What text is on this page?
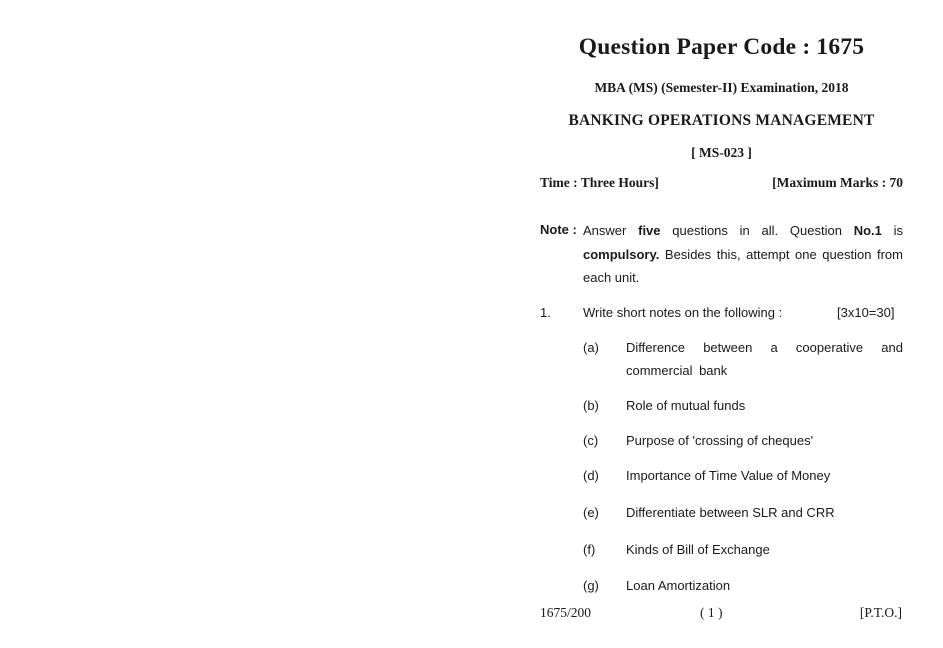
Question Paper Code : 1675
MBA (MS) (Semester-II) Examination, 2018
BANKING OPERATIONS MANAGEMENT
[ MS-023 ]
Time : Three Hours]	[Maximum Marks : 70
Note : Answer five questions in all. Question No.1 is compulsory. Besides this, attempt one question from each unit.
1. Write short notes on the following :	[3x10=30]
(a) Difference between a cooperative and commercial bank
(b) Role of mutual funds
(c) Purpose of 'crossing of cheques'
(d) Importance of Time Value of Money
(e) Differentiate between SLR and CRR
(f) Kinds of Bill of Exchange
(g) Loan Amortization
1675/200	( 1 )	[P.T.O.]
